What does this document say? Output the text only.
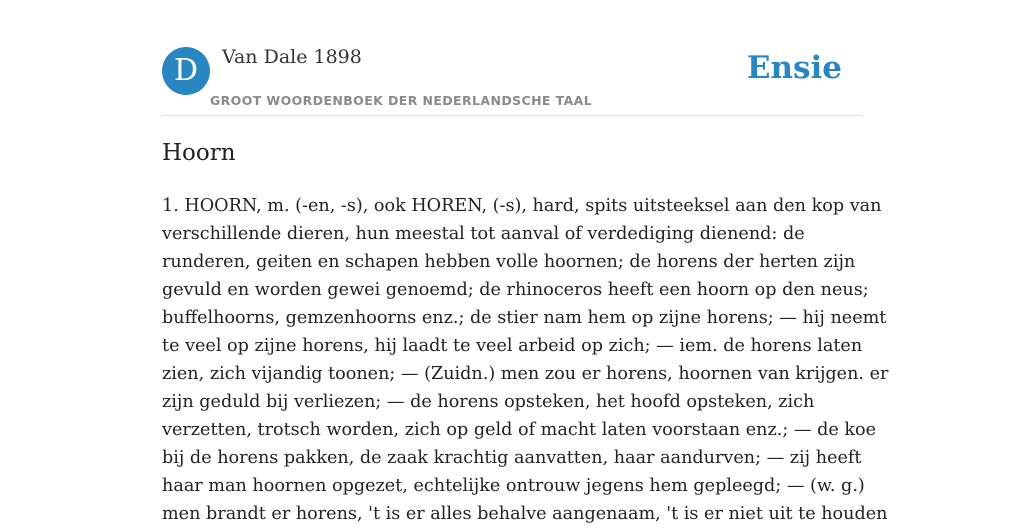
D	Van Dale 1898
GROOT WOORDENBOEK DER NEDERLANDSCHE TAAL
Ensie
Hoorn
1. HOORN, m. (-en, -s), ook HOREN, (-s), hard, spits uitsteeksel aan den kop van
verschillende dieren, hun meestal tot aanval of verdediging dienend: de
runderen, geiten en schapen hebben volle hoornen; de horens der herten zijn
gevuld en worden gewei genoemd; de rhinoceros heeft een hoorn op den neus;
buffelhoorns, gemzenhoorns enz.; de stier nam hem op zijne horens; — hij neemt
te veel op zijne horens, hij laadt te veel arbeid op zich; — iem. de horens laten
zien, zich vijandig toonen; — (Zuidn.) men zou er horens, hoornen van krijgen. er
zijn geduld bij verliezen; — de horens opsteken, het hoofd opsteken, zich
verzetten, trotsch worden, zich op geld of macht laten voorstaan enz.; — de koe
bij de horens pakken, de zaak krachtig aanvatten, haar aandurven; — zij heeft
haar man hoornen opgezet, echtelijke ontrouw jegens hem gepleegd; — (w. g.)
men brandt er horens, 't is er alles behalve aangenaam, 't is er niet uit te houden
